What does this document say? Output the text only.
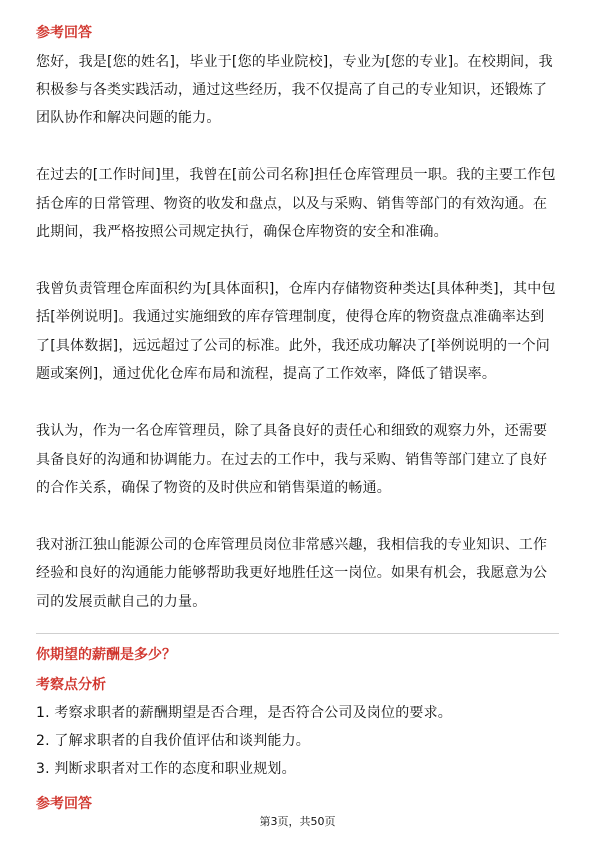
参考回答
您好，我是[您的姓名]，毕业于[您的毕业院校]，专业为[您的专业]。在校期间，我
积极参与各类实践活动，通过这些经历，我不仅提高了自己的专业知识，还锻炼了
团队协作和解决问题的能力。
在过去的[工作时间]里，我曾在[前公司名称]担任仓库管理员一职。我的主要工作包
括仓库的日常管理、物资的收发和盘点，以及与采购、销售等部门的有效沟通。在
此期间，我严格按照公司规定执行，确保仓库物资的安全和准确。
我曾负责管理仓库面积约为[具体面积]，仓库内存储物资种类达[具体种类]，其中包
括[举例说明]。我通过实施细致的库存管理制度，使得仓库的物资盘点准确率达到
了[具体数据]，远远超过了公司的标准。此外，我还成功解决了[举例说明的一个问
题或案例]，通过优化仓库布局和流程，提高了工作效率，降低了错误率。
我认为，作为一名仓库管理员，除了具备良好的责任心和细致的观察力外，还需要
具备良好的沟通和协调能力。在过去的工作中，我与采购、销售等部门建立了良好
的合作关系，确保了物资的及时供应和销售渠道的畅通。
我对浙江独山能源公司的仓库管理员岗位非常感兴趣，我相信我的专业知识、工作
经验和良好的沟通能力能够帮助我更好地胜任这一岗位。如果有机会，我愿意为公
司的发展贡献自己的力量。
你期望的薪酬是多少？
考察点分析
1. 考察求职者的薪酬期望是否合理，是否符合公司及岗位的要求。
2. 了解求职者的自我价值评估和谈判能力。
3. 判断求职者对工作的态度和职业规划。
参考回答
第3页，共50页
